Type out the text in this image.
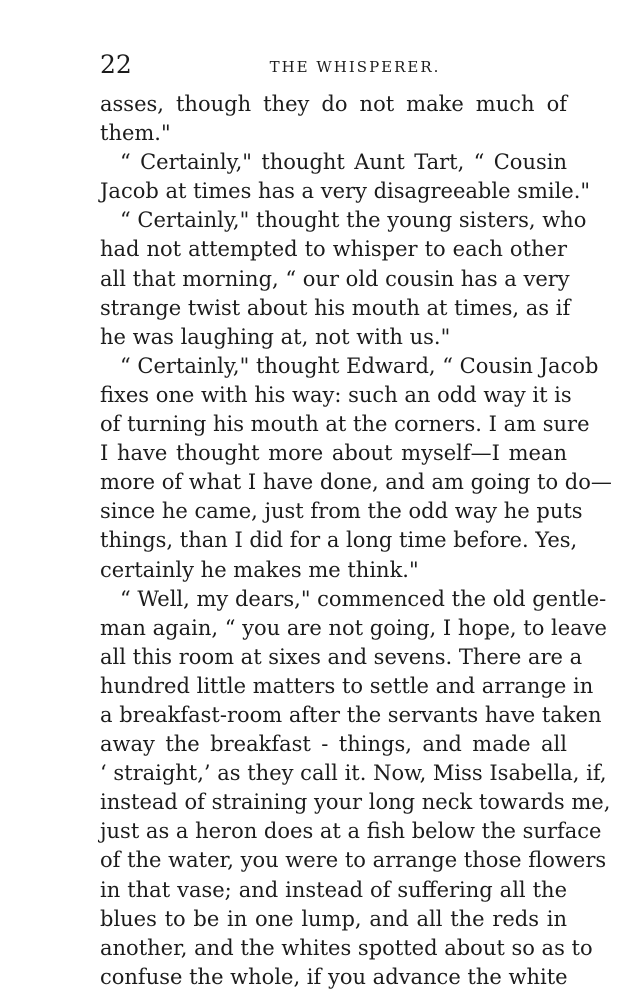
22	THE WHISPERER.
asses, though they do not make much of
them."
“ Certainly," thought Aunt Tart, “ Cousin
Jacob at times has a very disagreeable smile."
“ Certainly," thought the young sisters, who
had not attempted to whisper to each other
all that morning, “ our old cousin has a very
strange twist about his mouth at times, as if
he was laughing at, not with us."
“ Certainly," thought Edward, “ Cousin Jacob
fixes one with his way: such an odd way it is
of turning his mouth at the corners. I am sure
I have thought more about myself—I mean
more of what I have done, and am going to do—
since he came, just from the odd way he puts
things, than I did for a long time before. Yes,
certainly he makes me think."
“ Well, my dears," commenced the old gentle-
man again, “ you are not going, I hope, to leave
all this room at sixes and sevens. There are a
hundred little matters to settle and arrange in
a breakfast-room after the servants have taken
away the breakfast - things, and made all
‘ straight,’ as they call it. Now, Miss Isabella, if,
instead of straining your long neck towards me,
just as a heron does at a fish below the surface
of the water, you were to arrange those flowers
in that vase; and instead of suffering all the
blues to be in one lump, and all the reds in
another, and the whites spotted about so as to
confuse the whole, if you advance the white
